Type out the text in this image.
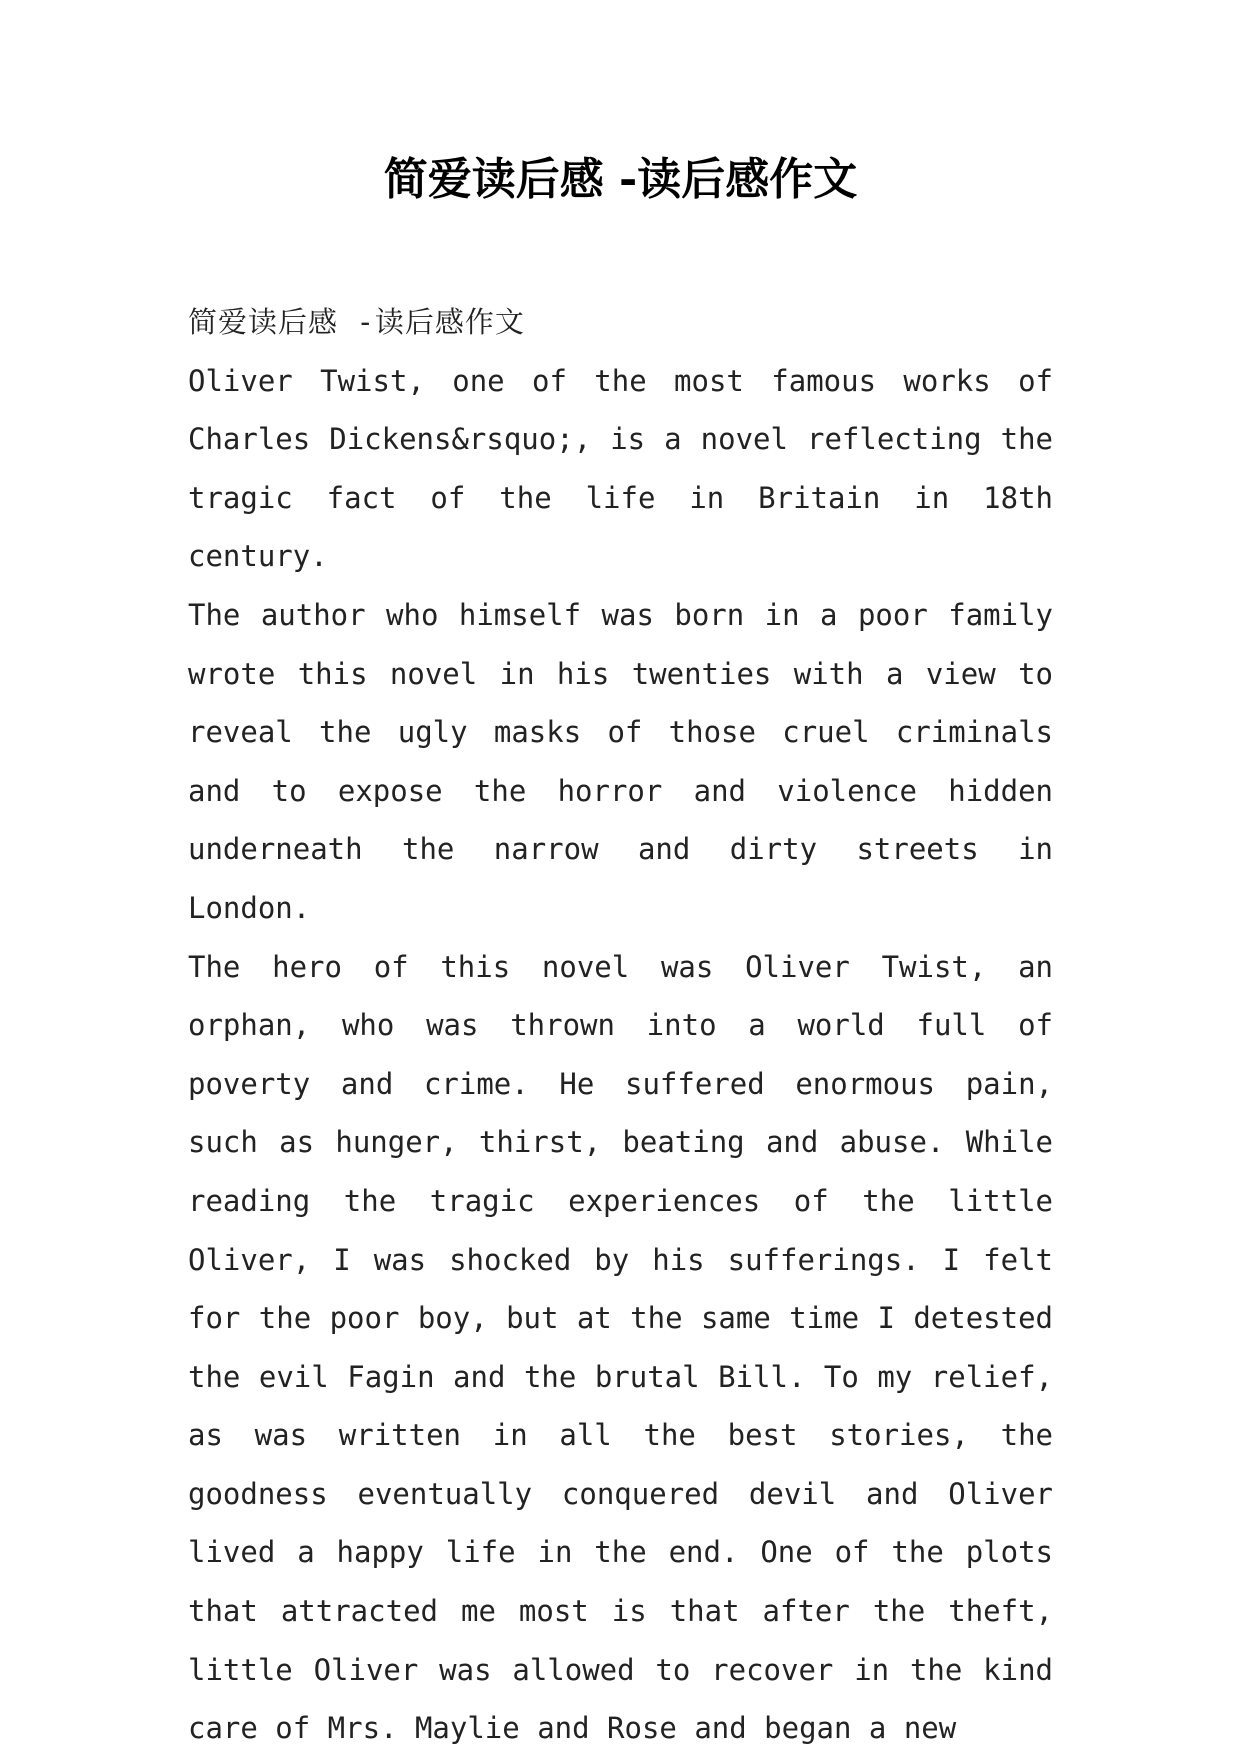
简爱读后感 -读后感作文
简爱读后感 -读后感作文

Oliver Twist, one of the most famous works of Charles Dickens&rsquo;, is a novel reflecting the tragic fact of the life in Britain in 18th century.

The author who himself was born in a poor family wrote this novel in his twenties with a view to reveal the ugly masks of those cruel criminals and to expose the horror and violence hidden underneath the narrow and dirty streets in London.

The hero of this novel was Oliver Twist, an orphan, who was thrown into a world full of poverty and crime. He suffered enormous pain, such as hunger, thirst, beating and abuse. While reading the tragic experiences of the little Oliver, I was shocked by his sufferings. I felt for the poor boy, but at the same time I detested the evil Fagin and the brutal Bill. To my relief, as was written in all the best stories, the goodness eventually conquered devil and Oliver lived a happy life in the end. One of the plots that attracted me most is that after the theft, little Oliver was allowed to recover in the kind care of Mrs. Maylie and Rose and began a new
